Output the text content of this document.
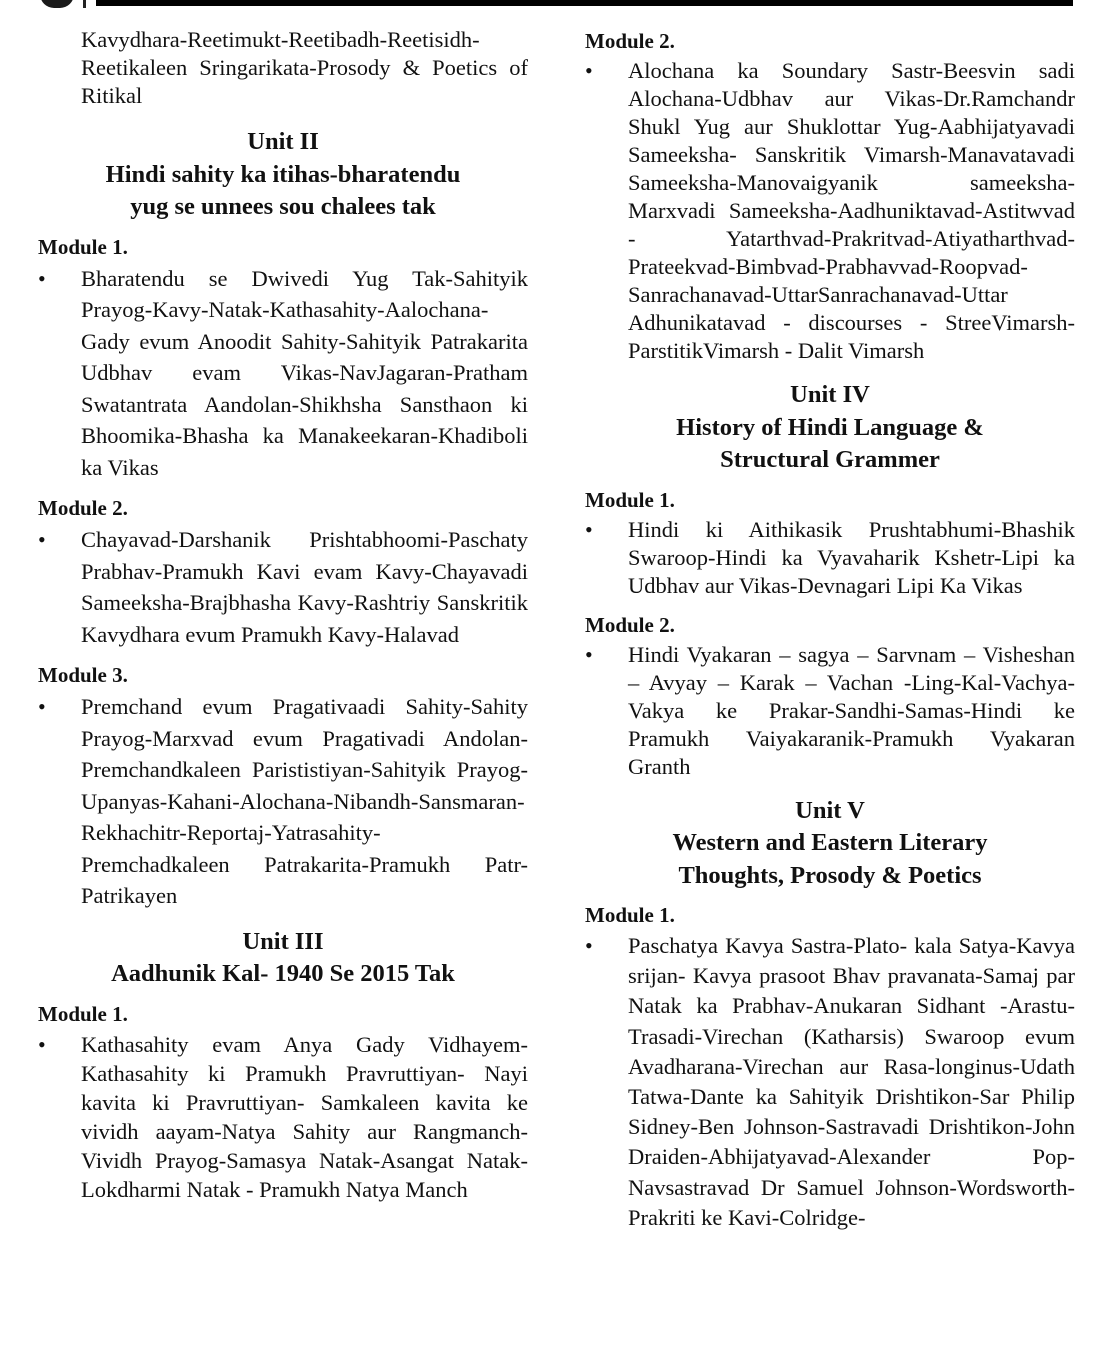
Kavydhara-Reetimukt-Reetibadh-Reetisidh-Reetikaleen Sringarikata-Prosody & Poetics of Ritikal

Unit II
Hindi sahity ka itihas-bharatendu
yug se unnees sou chalees tak
Module 1.
•	Bharatendu se Dwivedi Yug Tak-Sahityik Prayog-Kavy-Natak-Kathasahity-Aalochana-Gady evum Anoodit Sahity-Sahityik Patrakarita Udbhav evam Vikas-NavJagaran-Pratham Swatantrata Aandolan-Shikhsha Sansthaon ki Bhoomika-Bhasha ka Manakeekaran-Khadiboli ka Vikas

Module 2.
•	Chayavad-Darshanik Prishtabhoomi-Paschaty Prabhav-Pramukh Kavi evam Kavy-Chayavadi Sameeksha-Brajbhasha Kavy-Rashtriy Sanskritik Kavydhara evum Pramukh Kavy-Halavad

Module 3.
•	Premchand evum Pragativaadi Sahity-Sahity Prayog-Marxvad evum Pragativadi Andolan-Premchandkaleen Parististiyan-Sahityik Prayog-Upanyas-Kahani-Alochana-Nibandh-Sansmaran-Rekhachitr-Reportaj-Yatrasahity-Premchadkaleen Patrakarita-Pramukh Patr-Patrikayen

Unit III
Aadhunik Kal- 1940 Se 2015 Tak
Module 1.
•	Kathasahity evam Anya Gady Vidhayem-Kathasahity ki Pramukh Pravruttiyan- Nayi kavita ki Pravruttiyan- Samkaleen kavita ke vividh aayam-Natya Sahity aur Rangmanch-Vividh Prayog-Samasya Natak-Asangat Natak-Lokdharmi Natak - Pramukh Natya Manch

Module 2.
•	Alochana ka Soundary Sastr-Beesvin sadi Alochana-Udbhav aur Vikas-Dr.Ramchandr Shukl Yug aur Shuklottar Yug-Aabhijatyavadi Sameeksha- Sanskritik Vimarsh-Manavatavadi Sameeksha-Manovaigyanik sameeksha-Marxvadi Sameeksha-Aadhuniktavad-Astitwvad - Yatarthvad-Prakritvad-Atiyatharthvad-Prateekvad-Bimbvad-Prabhavvad-Roopvad-Sanrachanavad-UttarSanrachanavad-Uttar Adhunikatavad - discourses - StreeVimarsh-ParstitikVimarsh - Dalit Vimarsh

Unit IV
History of Hindi Language &
Structural Grammer
Module 1.
•	Hindi ki Aithikasik Prushtabhumi-Bhashik Swaroop-Hindi ka Vyavaharik Kshetr-Lipi ka Udbhav aur Vikas-Devnagari Lipi Ka Vikas

Module 2.
•	Hindi Vyakaran – sagya – Sarvnam – Visheshan – Avyay – Karak – Vachan -Ling-Kal-Vachya-Vakya ke Prakar-Sandhi-Samas-Hindi ke Pramukh Vaiyakaranik-Pramukh Vyakaran Granth

Unit V
Western and Eastern Literary
Thoughts, Prosody & Poetics
Module 1.
•	Paschatya Kavya Sastra-Plato- kala Satya-Kavya srijan- Kavya prasoot Bhav pravanata-Samaj par Natak ka Prabhav-Anukaran Sidhant -Arastu-Trasadi-Virechan (Katharsis) Swaroop evum Avadharana-Virechan aur Rasa-longinus-Udath Tatwa-Dante ka Sahityik Drishtikon-Sar Philip Sidney-Ben Johnson-Sastravadi Drishtikon-John Draiden-Abhijatyavad-Alexander Pop-Navsastravad Dr Samuel Johnson-Wordsworth-Prakriti ke Kavi-Colridge-
